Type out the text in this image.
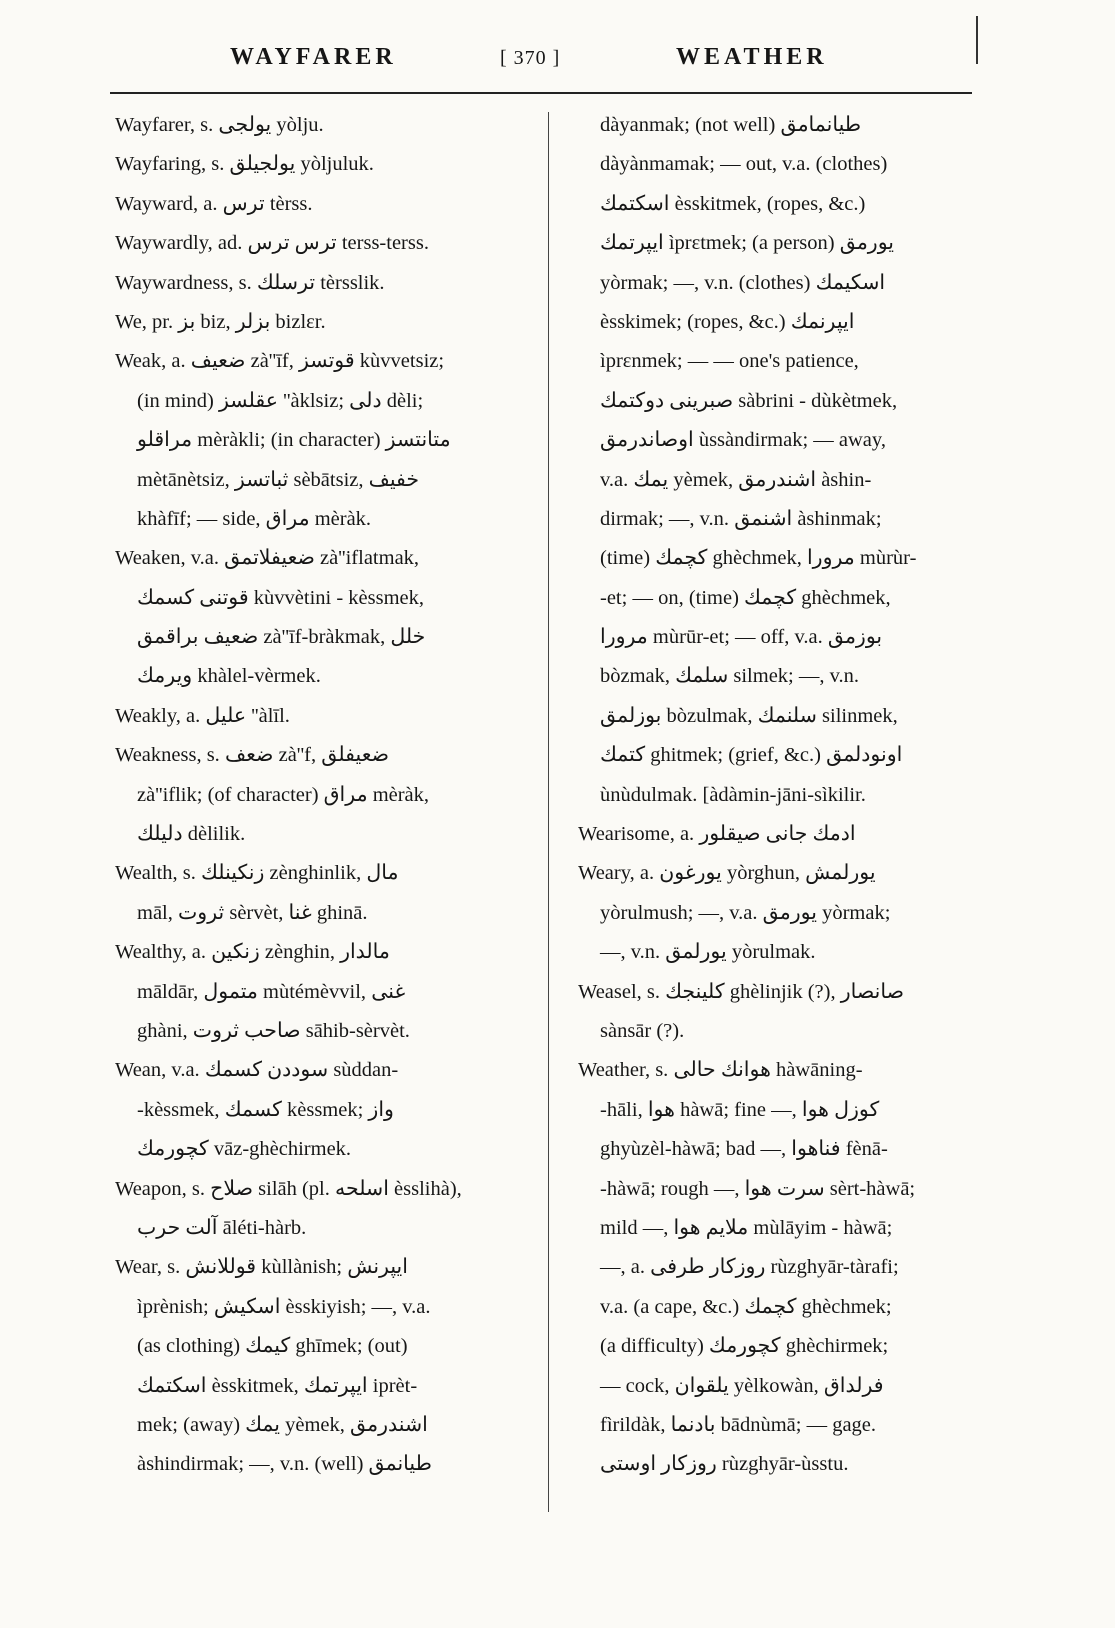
WAYFARER	[ 370 ]	WEATHER
Wayfarer, s. يولجى yòlju.
Wayfaring, s. يولجيلق yòljuluk.
Wayward, a. ترس tèrss.
Waywardly, ad. ترس ترس terss-terss.
Waywardness, s. ترسلك tèrsslik.
We, pr. بز biz, بزلر bizlɛr.
Weak, a. ضعيف zà''īf, قوتسز kùvvetsiz;
(in mind) عقلسز ''àklsiz; دلى dèli;
مراقلو mèràkli; (in character) متانتسز
mètānètsiz, ثباتسز sèbātsiz, خفيف
khàfīf; — side, مراق mèràk.
Weaken, v.a. ضعيفلاتمق zà''iflatmak,
قوتنى كسمك kùvvètini - kèssmek,
ضعيف براقمق zà''īf-bràkmak, خلل
ويرمك khàlel-vèrmek.
Weakly, a. عليل ''àlīl.
Weakness, s. ضعف zà''f, ضعيفلق
zà''iflik; (of character) مراق mèràk,
دليلك dèlilik.
Wealth, s. زنكينلك zènghinlik, مال
māl, ثروت sèrvèt, غنا ghinā.
Wealthy, a. زنكين zènghin, مالدار
māldār, متمول mùtémèvvil, غنى
ghàni, صاحب ثروت sāhib-sèrvèt.
Wean, v.a. سوددن كسمك sùddan-
-kèssmek, كسمك kèssmek; واز
كچورمك vāz-ghèchirmek.
Weapon, s. صلاح silāh (pl. اسلحه èsslihà),
آلت حرب āléti-hàrb.
Wear, s. قوللانش kùllànish; ايپرنش
ìprènish; اسكيش èsskiyish; —, v.a.
(as clothing) كيمك ghīmek; (out)
اسكتمك èsskitmek, ايپرتمك iprèt-
mek; (away) يمك yèmek, اشندرمق
àshindirmak; —, v.n. (well) طيانمق
dàyanmak; (not well) طيانمامق
dàyànmamak; — out, v.a. (clothes)
اسكتمك èsskitmek, (ropes, &c.)
ايپرتمك ìprɛtmek; (a person) يورمق
yòrmak; —, v.n. (clothes) اسكيمك
èsskimek; (ropes, &c.) ايپرنمك
ìprɛnmek; — — one's patience,
صبرينى دوكتمك sàbrini - dùkètmek,
اوصاندرمق ùssàndirmak; — away,
v.a. يمك yèmek, اشندرمق àshin-
dirmak; —, v.n. اشنمق àshinmak;
(time) كچمك ghèchmek, مرورا mùrùr-
-et; — on, (time) كچمك ghèchmek,
مرورا mùrūr-et; — off, v.a. بوزمق
bòzmak, سلمك silmek; —, v.n.
بوزلمق bòzulmak, سلنمك silinmek,
كتمك ghitmek; (grief, &c.) اونودلمق
ùnùdulmak. [àdàmin-jāni-sìkilir.
Wearisome, a. ادمك جانى صيقلور
Weary, a. يورغون yòrghun, يورلمش
yòrulmush; —, v.a. يورمق yòrmak;
—, v.n. يورلمق yòrulmak.
Weasel, s. كلينجك ghèlinjik (?), صانصار
sànsār (?).
Weather, s. هوانك حالى hàwāning-
-hāli, هوا hàwā; fine —, كوزل هوا
ghyùzèl-hàwā; bad —, فناهوا fènā-
-hàwā; rough —, سرت هوا sèrt-hàwā;
mild —, ملايم هوا mùlāyim - hàwā;
—, a. روزكار طرفى rùzghyār-tàrafi;
v.a. (a cape, &c.) كچمك ghèchmek;
(a difficulty) كچورمك ghèchirmek;
— cock, يلقوان yèlkowàn, فرلداق
fìrildàk, بادنما bādnùmā; — gage.
روزكار اوستى rùzghyār-ùsstu.
